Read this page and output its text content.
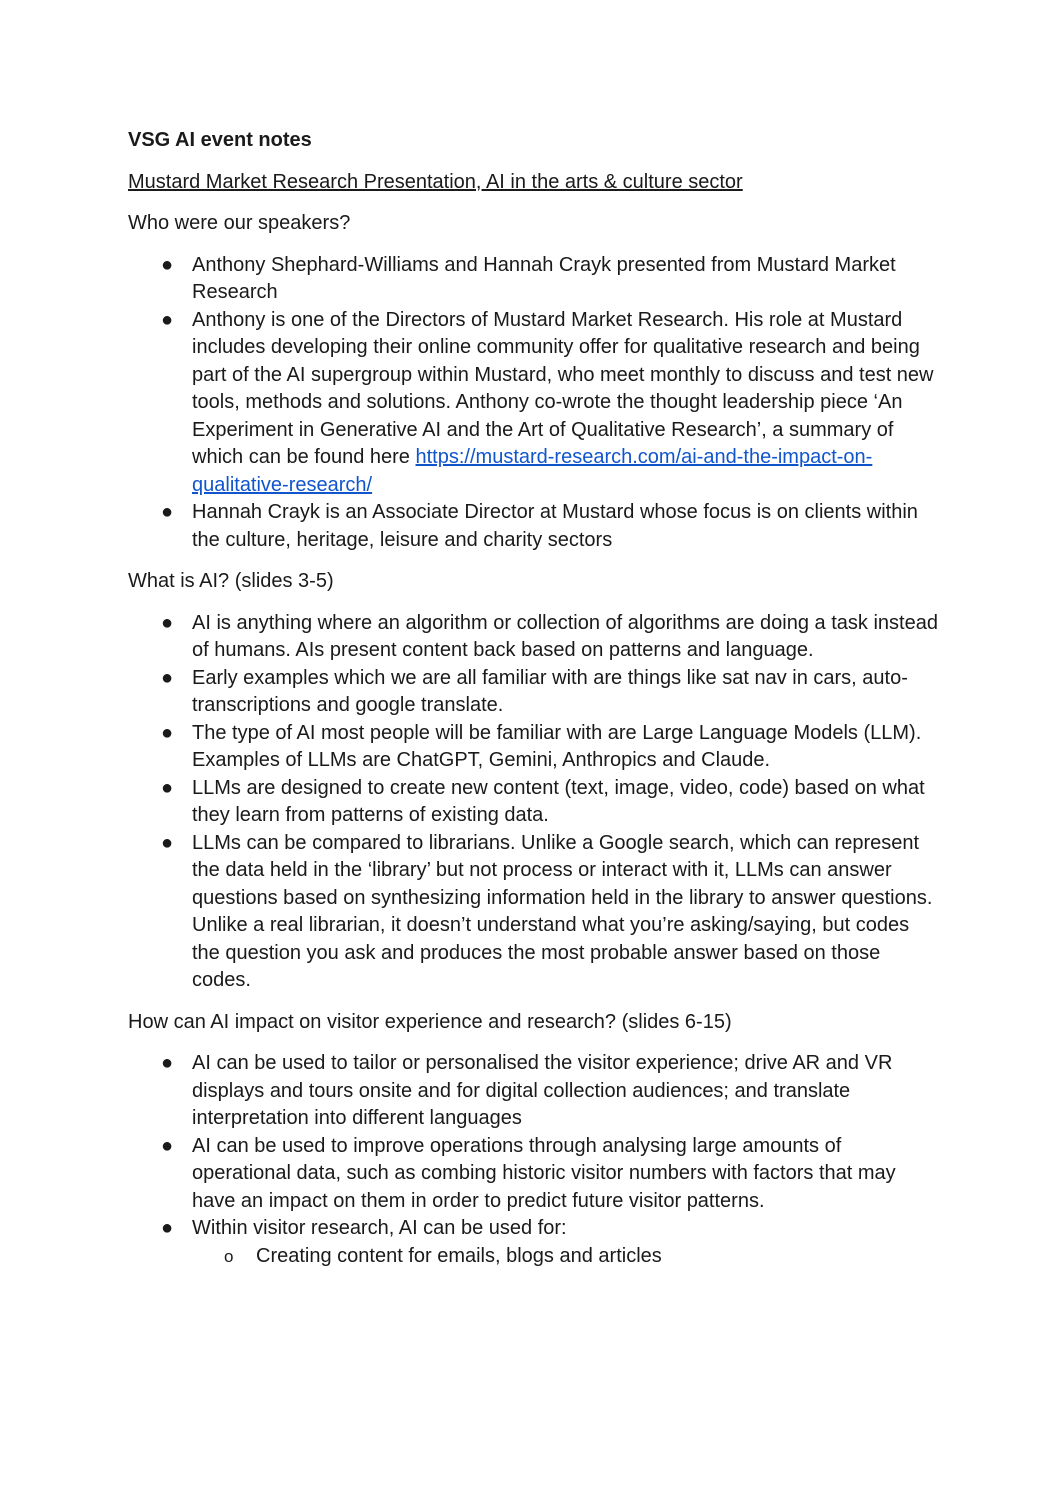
VSG AI event notes
Mustard Market Research Presentation, AI in the arts & culture sector
Who were our speakers?
● Anthony Shephard-Williams and Hannah Crayk presented from Mustard Market Research
● Anthony is one of the Directors of Mustard Market Research. His role at Mustard includes developing their online community offer for qualitative research and being part of the AI supergroup within Mustard, who meet monthly to discuss and test new tools, methods and solutions. Anthony co-wrote the thought leadership piece ‘An Experiment in Generative AI and the Art of Qualitative Research’, a summary of which can be found here https://mustard-research.com/ai-and-the-impact-on-qualitative-research/
● Hannah Crayk is an Associate Director at Mustard whose focus is on clients within the culture, heritage, leisure and charity sectors
What is AI? (slides 3-5)
● AI is anything where an algorithm or collection of algorithms are doing a task instead of humans. AIs present content back based on patterns and language.
● Early examples which we are all familiar with are things like sat nav in cars, auto-transcriptions and google translate.
● The type of AI most people will be familiar with are Large Language Models (LLM). Examples of LLMs are ChatGPT, Gemini, Anthropics and Claude.
● LLMs are designed to create new content (text, image, video, code) based on what they learn from patterns of existing data.
● LLMs can be compared to librarians. Unlike a Google search, which can represent the data held in the ‘library’ but not process or interact with it, LLMs can answer questions based on synthesizing information held in the library to answer questions. Unlike a real librarian, it doesn’t understand what you’re asking/saying, but codes the question you ask and produces the most probable answer based on those codes.
How can AI impact on visitor experience and research? (slides 6-15)
● AI can be used to tailor or personalised the visitor experience; drive AR and VR displays and tours onsite and for digital collection audiences; and translate interpretation into different languages
● AI can be used to improve operations through analysing large amounts of operational data, such as combing historic visitor numbers with factors that may have an impact on them in order to predict future visitor patterns.
● Within visitor research, AI can be used for:
o Creating content for emails, blogs and articles
